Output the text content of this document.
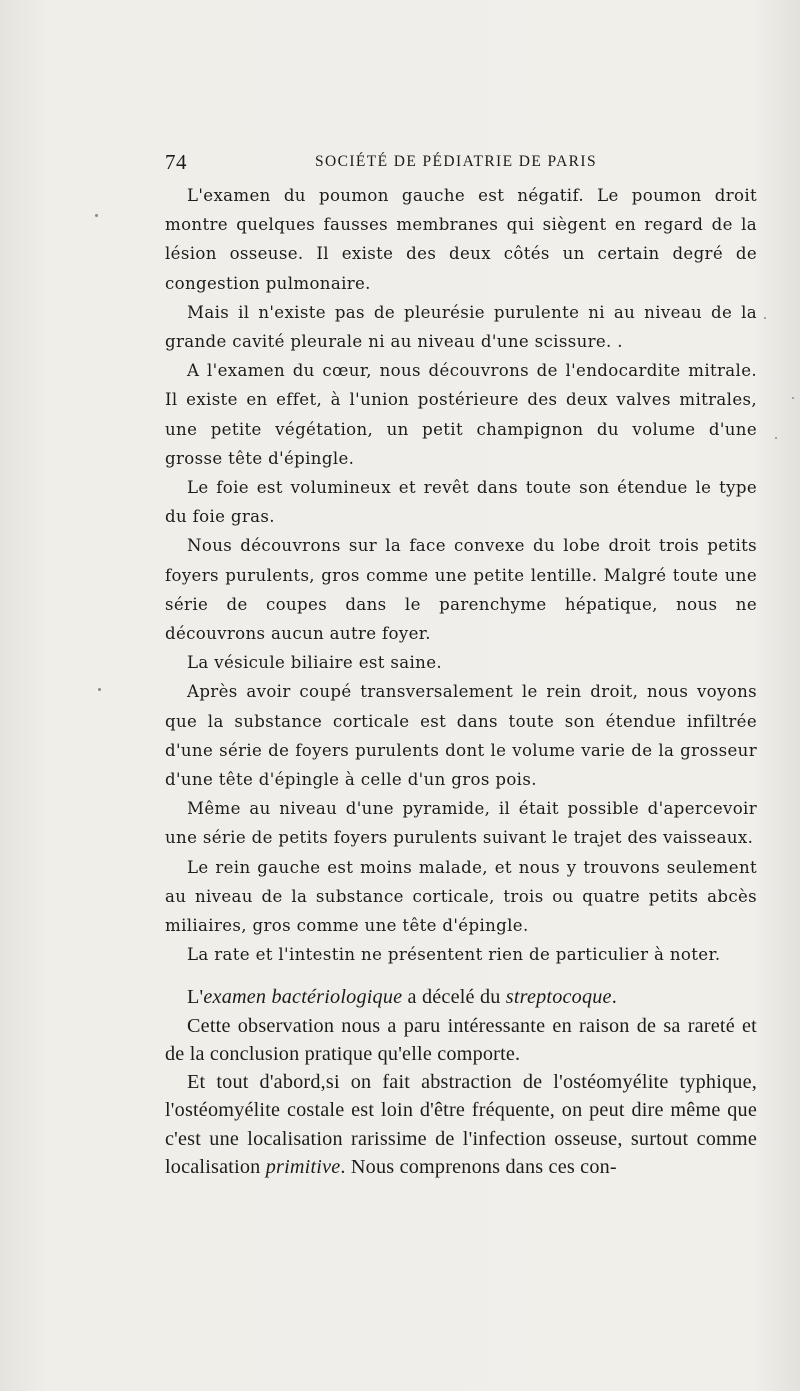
74	SOCIÉTÉ DE PÉDIATRIE DE PARIS

L'examen du poumon gauche est négatif. Le poumon droit montre quelques fausses membranes qui siègent en regard de la lésion osseuse. Il existe des deux côtés un certain degré de congestion pulmonaire.

Mais il n'existe pas de pleurésie purulente ni au niveau de la grande cavité pleurale ni au niveau d'une scissure. .

A l'examen du cœur, nous découvrons de l'endocardite mitrale. Il existe en effet, à l'union postérieure des deux valves mitrales, une petite végétation, un petit champignon du volume d'une grosse tête d'épingle.

Le foie est volumineux et revêt dans toute son étendue le type du foie gras.

Nous découvrons sur la face convexe du lobe droit trois petits foyers purulents, gros comme une petite lentille. Malgré toute une série de coupes dans le parenchyme hépatique, nous ne découvrons aucun autre foyer.

La vésicule biliaire est saine.

Après avoir coupé transversalement le rein droit, nous voyons que la substance corticale est dans toute son étendue infiltrée d'une série de foyers purulents dont le volume varie de la grosseur d'une tête d'épingle à celle d'un gros pois.

Même au niveau d'une pyramide, il était possible d'apercevoir une série de petits foyers purulents suivant le trajet des vaisseaux.

Le rein gauche est moins malade, et nous y trouvons seulement au niveau de la substance corticale, trois ou quatre petits abcès miliaires, gros comme une tête d'épingle.

La rate et l'intestin ne présentent rien de particulier à noter.

L'examen bactériologique a décelé du streptocoque.

Cette observation nous a paru intéressante en raison de sa rareté et de la conclusion pratique qu'elle comporte.

Et tout d'abord,si on fait abstraction de l'ostéomyélite typhique, l'ostéomyélite costale est loin d'être fréquente, on peut dire même que c'est une localisation rarissime de l'infection osseuse, surtout comme localisation primitive. Nous comprenons dans ces con-
